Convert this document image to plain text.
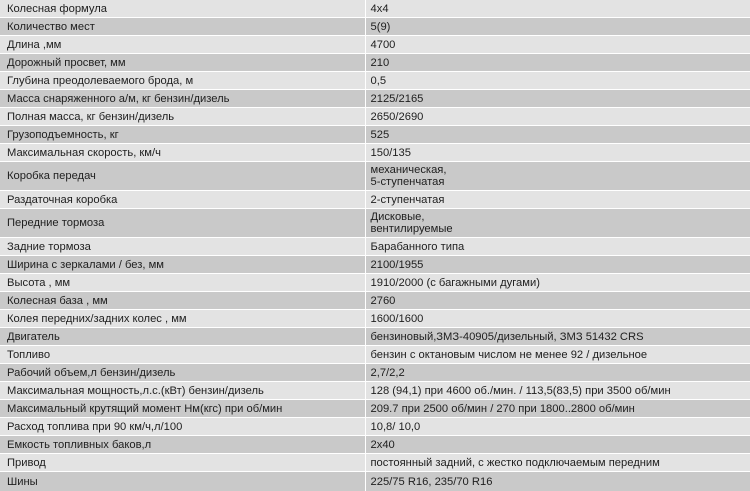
Колесная формула	4х4

Количество мест	5(9)

Длина ,мм	4700

Дорожный просвет, мм	210

Глубина преодолеваемого брода, м	0,5

Масса снаряженного а/м, кг бензин/дизель	2125/2165

Полная масса, кг бензин/дизель	2650/2690

Грузоподъемность, кг	525

Максимальная скорость, км/ч	150/135

Коробка передач	механическая,
5-ступенчатая

Раздаточная коробка	2-ступенчатая

Передние тормоза	Дисковые,
вентилируемые

Задние тормоза	Барабанного типа

Ширина с зеркалами / без, мм	2100/1955

Высота , мм	1910/2000 (с багажными дугами)

Колесная база , мм	2760

Колея передних/задних колес , мм	1600/1600

Двигатель	бензиновый,ЗМЗ-40905/дизельный, ЗМЗ 51432 CRS

Топливо	бензин с октановым числом не менее 92 / дизельное

Рабочий объем,л бензин/дизель	2,7/2,2

Максимальная мощность,л.с.(кВт) бензин/дизель	128 (94,1) при 4600 об./мин. / 113,5(83,5) при 3500 об/мин

Максимальный крутящий момент Нм(кгс) при об/мин	209.7 при 2500 об/мин / 270 при 1800..2800 об/мин

Расход топлива при 90 км/ч,л/100	10,8/ 10,0

Емкость топливных баков,л	2х40

Привод	постоянный задний, с жестко подключаемым передним

Шины	225/75 R16, 235/70 R16
